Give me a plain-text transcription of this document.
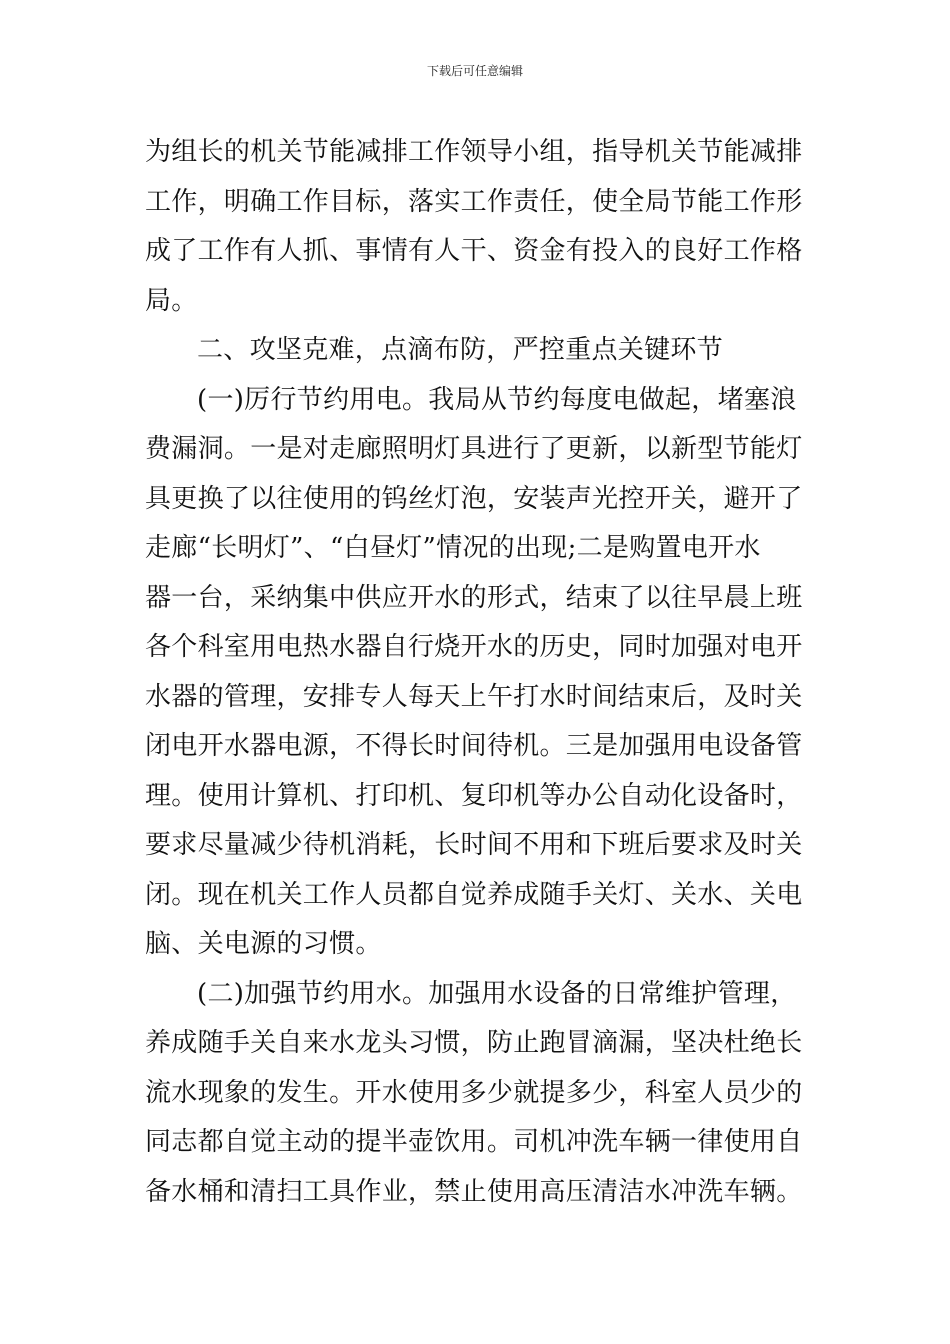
下载后可任意编辑
为组长的机关节能减排工作领导小组，指导机关节能减排
工作，明确工作目标，落实工作责任，使全局节能工作形
成了工作有人抓、事情有人干、资金有投入的良好工作格
局。
二、攻坚克难，点滴布防，严控重点关键环节
(一)厉行节约用电。我局从节约每度电做起，堵塞浪
费漏洞。一是对走廊照明灯具进行了更新，以新型节能灯
具更换了以往使用的钨丝灯泡，安装声光控开关，避开了
走廊“长明灯”、“白昼灯”情况的出现;二是购置电开水
器一台，采纳集中供应开水的形式，结束了以往早晨上班
各个科室用电热水器自行烧开水的历史，同时加强对电开
水器的管理，安排专人每天上午打水时间结束后，及时关
闭电开水器电源，不得长时间待机。三是加强用电设备管
理。使用计算机、打印机、复印机等办公自动化设备时，
要求尽量减少待机消耗，长时间不用和下班后要求及时关
闭。现在机关工作人员都自觉养成随手关灯、关水、关电
脑、关电源的习惯。
(二)加强节约用水。加强用水设备的日常维护管理，
养成随手关自来水龙头习惯，防止跑冒滴漏，坚决杜绝长
流水现象的发生。开水使用多少就提多少，科室人员少的
同志都自觉主动的提半壶饮用。司机冲洗车辆一律使用自
备水桶和清扫工具作业，禁止使用高压清洁水冲洗车辆。
